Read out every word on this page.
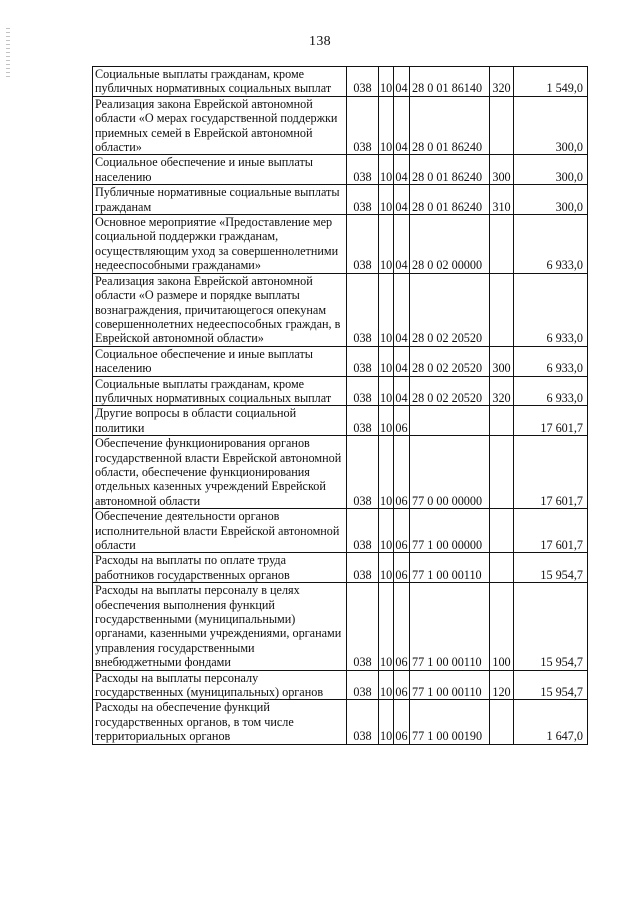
138
Социальные выплаты гражданам, кроме публичных нормативных социальных выплат	038	10	04	28 0 01 86140	320	1 549,0
Реализация закона Еврейской автономной области «О мерах государственной поддержки приемных семей в Еврейской автономной области»	038	10	04	28 0 01 86240		300,0
Социальное обеспечение и иные выплаты населению	038	10	04	28 0 01 86240	300	300,0
Публичные нормативные социальные выплаты гражданам	038	10	04	28 0 01 86240	310	300,0
Основное мероприятие «Предоставление мер социальной поддержки гражданам, осуществляющим уход за совершеннолетними недееспособными гражданами»	038	10	04	28 0 02 00000		6 933,0
Реализация закона Еврейской автономной области «О размере и порядке выплаты вознаграждения, причитающегося опекунам совершеннолетних недееспособных граждан, в Еврейской автономной области»	038	10	04	28 0 02 20520		6 933,0
Социальное обеспечение и иные выплаты населению	038	10	04	28 0 02 20520	300	6 933,0
Социальные выплаты гражданам, кроме публичных нормативных социальных выплат	038	10	04	28 0 02 20520	320	6 933,0
Другие вопросы в области социальной политики	038	10	06			17 601,7
Обеспечение функционирования органов государственной власти Еврейской автономной области, обеспечение функционирования отдельных казенных учреждений Еврейской автономной области	038	10	06	77 0 00 00000		17 601,7
Обеспечение деятельности органов исполнительной власти Еврейской автономной области	038	10	06	77 1 00 00000		17 601,7
Расходы на выплаты по оплате труда работников государственных органов	038	10	06	77 1 00 00110		15 954,7
Расходы на выплаты персоналу в целях обеспечения выполнения функций государственными (муниципальными) органами, казенными учреждениями, органами управления государственными внебюджетными фондами	038	10	06	77 1 00 00110	100	15 954,7
Расходы на выплаты персоналу государственных (муниципальных) органов	038	10	06	77 1 00 00110	120	15 954,7
Расходы на обеспечение функций государственных органов, в том числе территориальных органов	038	10	06	77 1 00 00190		1 647,0
